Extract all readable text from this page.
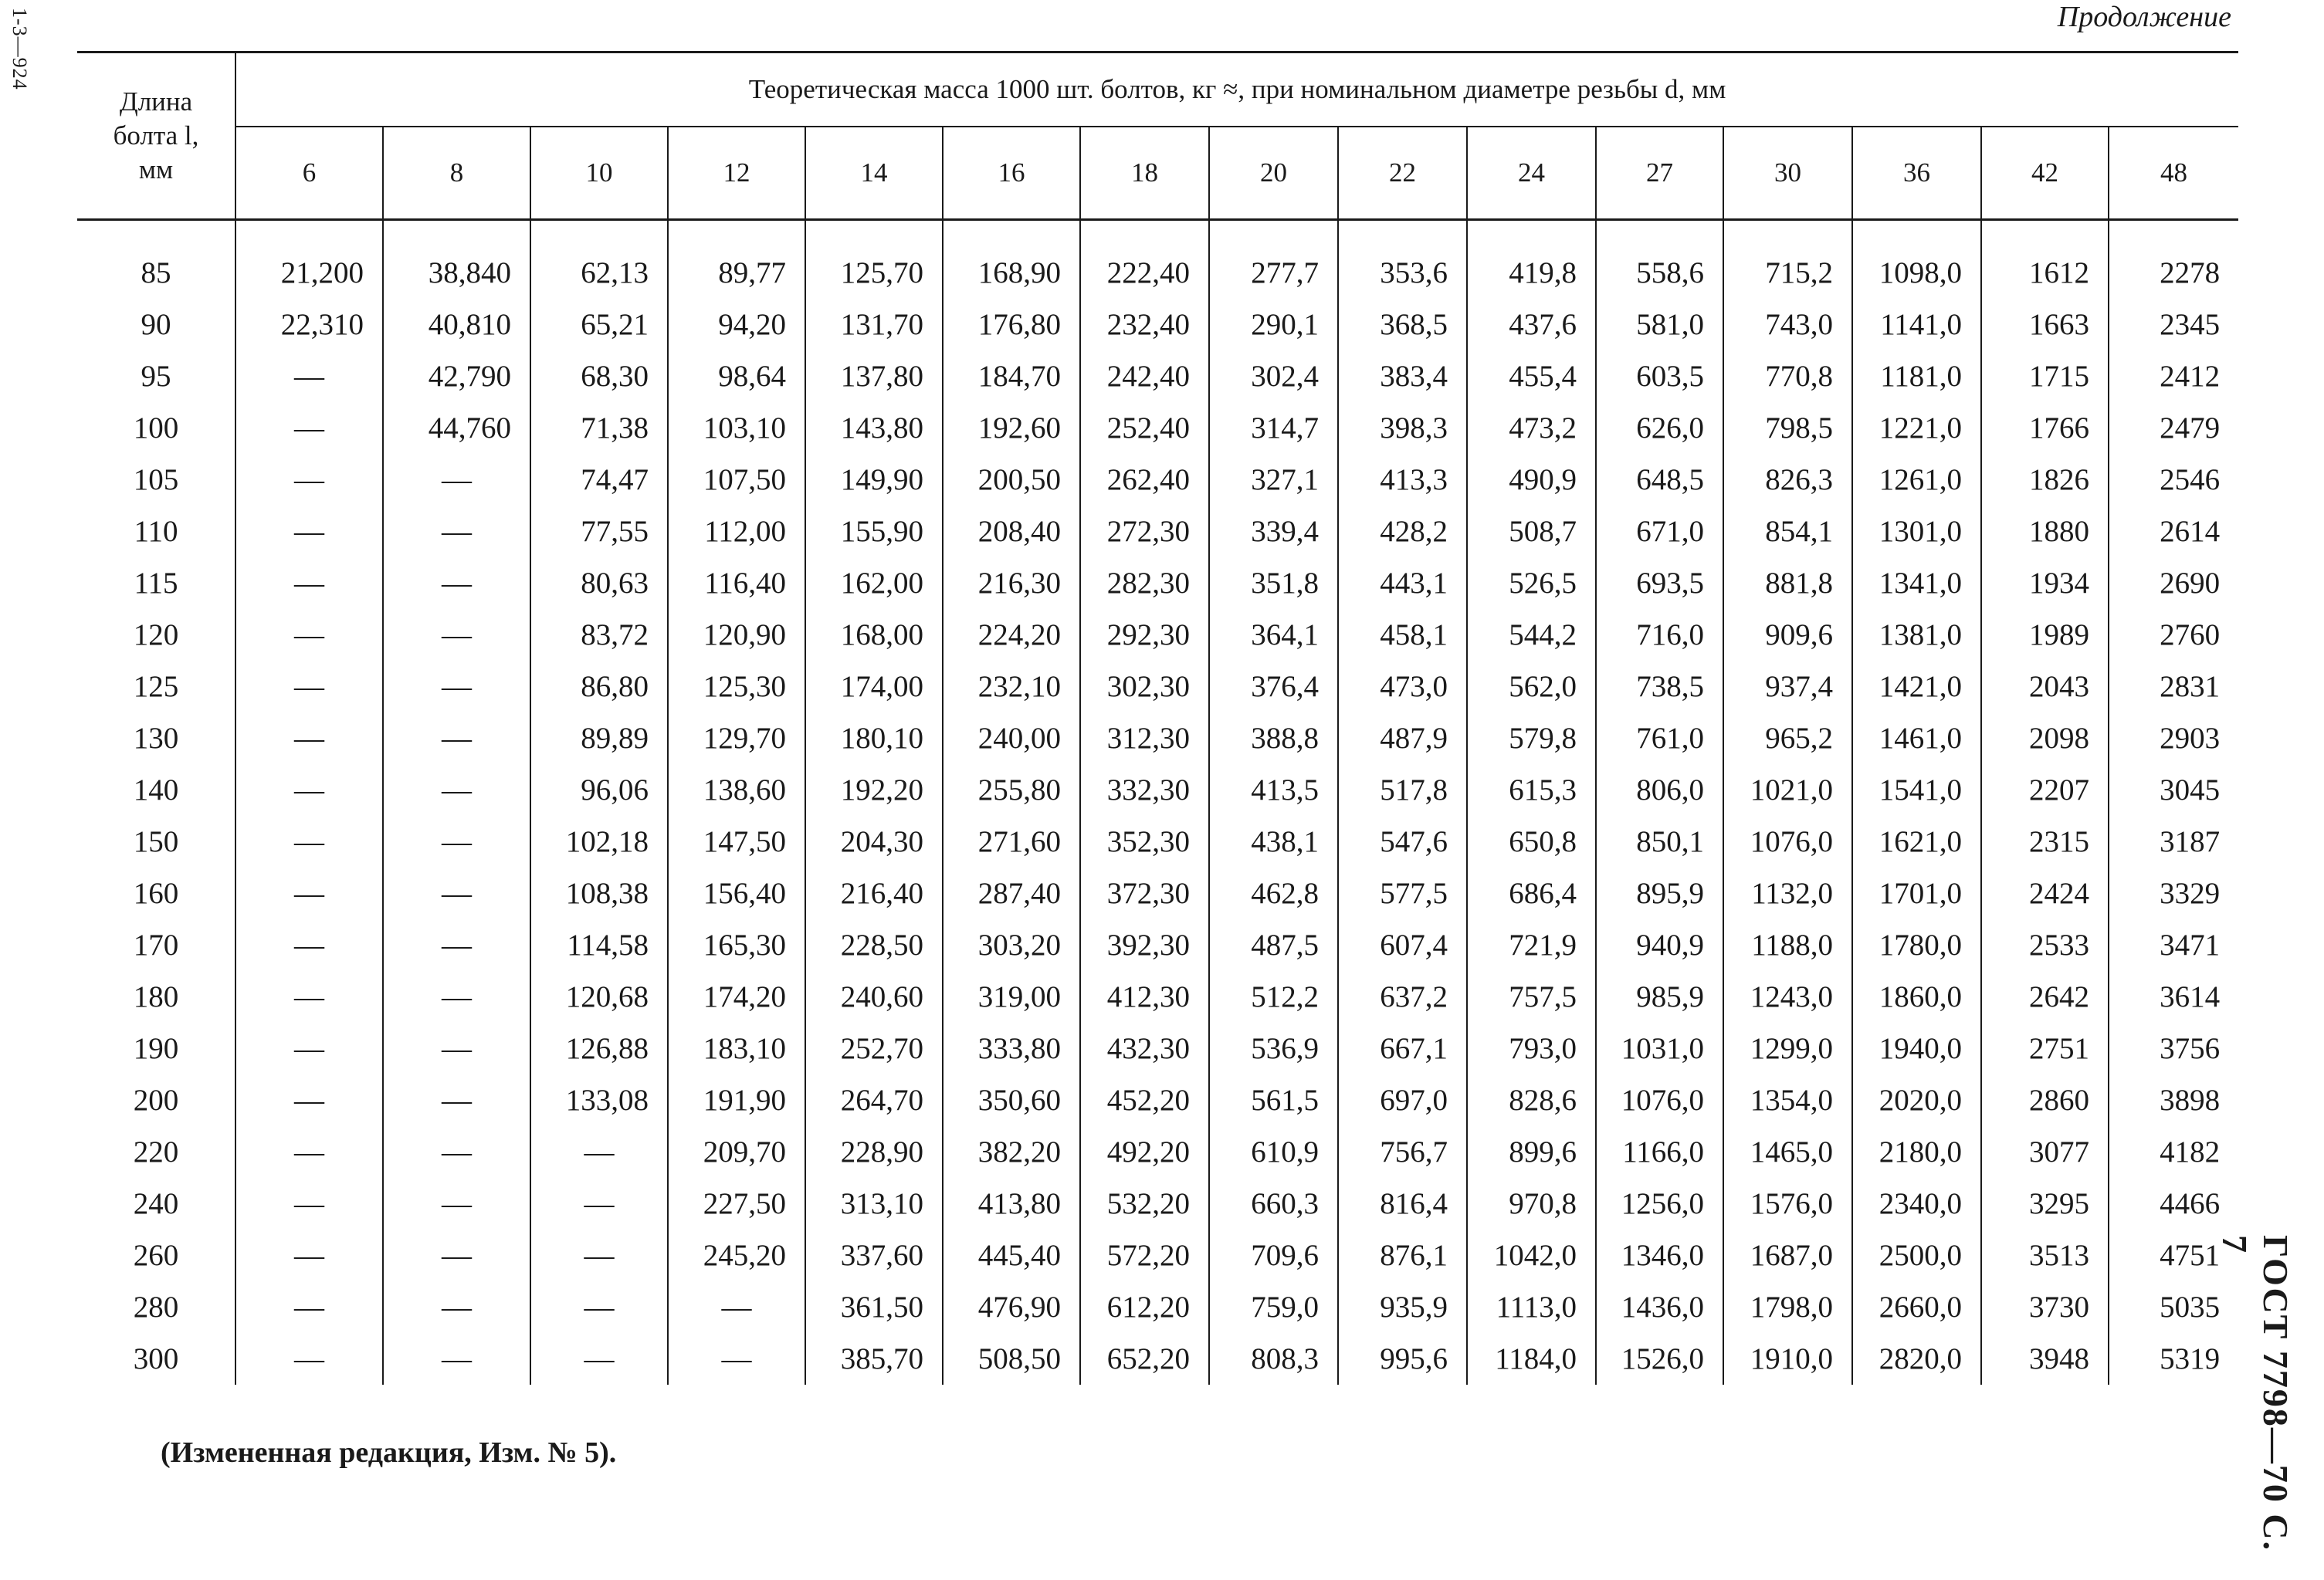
1-3—924	Продолжение
Длина
болта l,
мм	Теоретическая масса 1000 шт. болтов, кг ≈, при номинальном диаметре резьбы d, мм														
	6	8	10	12	14	16	18	20	22	24	27	30	36	42	48
85	21,200	38,840	62,13	89,77	125,70	168,90	222,40	277,7	353,6	419,8	558,6	715,2	1098,0	1612	2278
90	22,310	40,810	65,21	94,20	131,70	176,80	232,40	290,1	368,5	437,6	581,0	743,0	1141,0	1663	2345
95	—	42,790	68,30	98,64	137,80	184,70	242,40	302,4	383,4	455,4	603,5	770,8	1181,0	1715	2412
100	—	44,760	71,38	103,10	143,80	192,60	252,40	314,7	398,3	473,2	626,0	798,5	1221,0	1766	2479
105	—	—	74,47	107,50	149,90	200,50	262,40	327,1	413,3	490,9	648,5	826,3	1261,0	1826	2546
110	—	—	77,55	112,00	155,90	208,40	272,30	339,4	428,2	508,7	671,0	854,1	1301,0	1880	2614
115	—	—	80,63	116,40	162,00	216,30	282,30	351,8	443,1	526,5	693,5	881,8	1341,0	1934	2690
120	—	—	83,72	120,90	168,00	224,20	292,30	364,1	458,1	544,2	716,0	909,6	1381,0	1989	2760
125	—	—	86,80	125,30	174,00	232,10	302,30	376,4	473,0	562,0	738,5	937,4	1421,0	2043	2831
130	—	—	89,89	129,70	180,10	240,00	312,30	388,8	487,9	579,8	761,0	965,2	1461,0	2098	2903
140	—	—	96,06	138,60	192,20	255,80	332,30	413,5	517,8	615,3	806,0	1021,0	1541,0	2207	3045
150	—	—	102,18	147,50	204,30	271,60	352,30	438,1	547,6	650,8	850,1	1076,0	1621,0	2315	3187
160	—	—	108,38	156,40	216,40	287,40	372,30	462,8	577,5	686,4	895,9	1132,0	1701,0	2424	3329
170	—	—	114,58	165,30	228,50	303,20	392,30	487,5	607,4	721,9	940,9	1188,0	1780,0	2533	3471
180	—	—	120,68	174,20	240,60	319,00	412,30	512,2	637,2	757,5	985,9	1243,0	1860,0	2642	3614
190	—	—	126,88	183,10	252,70	333,80	432,30	536,9	667,1	793,0	1031,0	1299,0	1940,0	2751	3756
200	—	—	133,08	191,90	264,70	350,60	452,20	561,5	697,0	828,6	1076,0	1354,0	2020,0	2860	3898
220	—	—	—	209,70	228,90	382,20	492,20	610,9	756,7	899,6	1166,0	1465,0	2180,0	3077	4182
240	—	—	—	227,50	313,10	413,80	532,20	660,3	816,4	970,8	1256,0	1576,0	2340,0	3295	4466
260	—	—	—	245,20	337,60	445,40	572,20	709,6	876,1	1042,0	1346,0	1687,0	2500,0	3513	4751
280	—	—	—	—	361,50	476,90	612,20	759,0	935,9	1113,0	1436,0	1798,0	2660,0	3730	5035
300	—	—	—	—	385,70	508,50	652,20	808,3	995,6	1184,0	1526,0	1910,0	2820,0	3948	5319
(Измененная редакция, Изм. № 5).	ГОСТ 7798—70 С. 7
